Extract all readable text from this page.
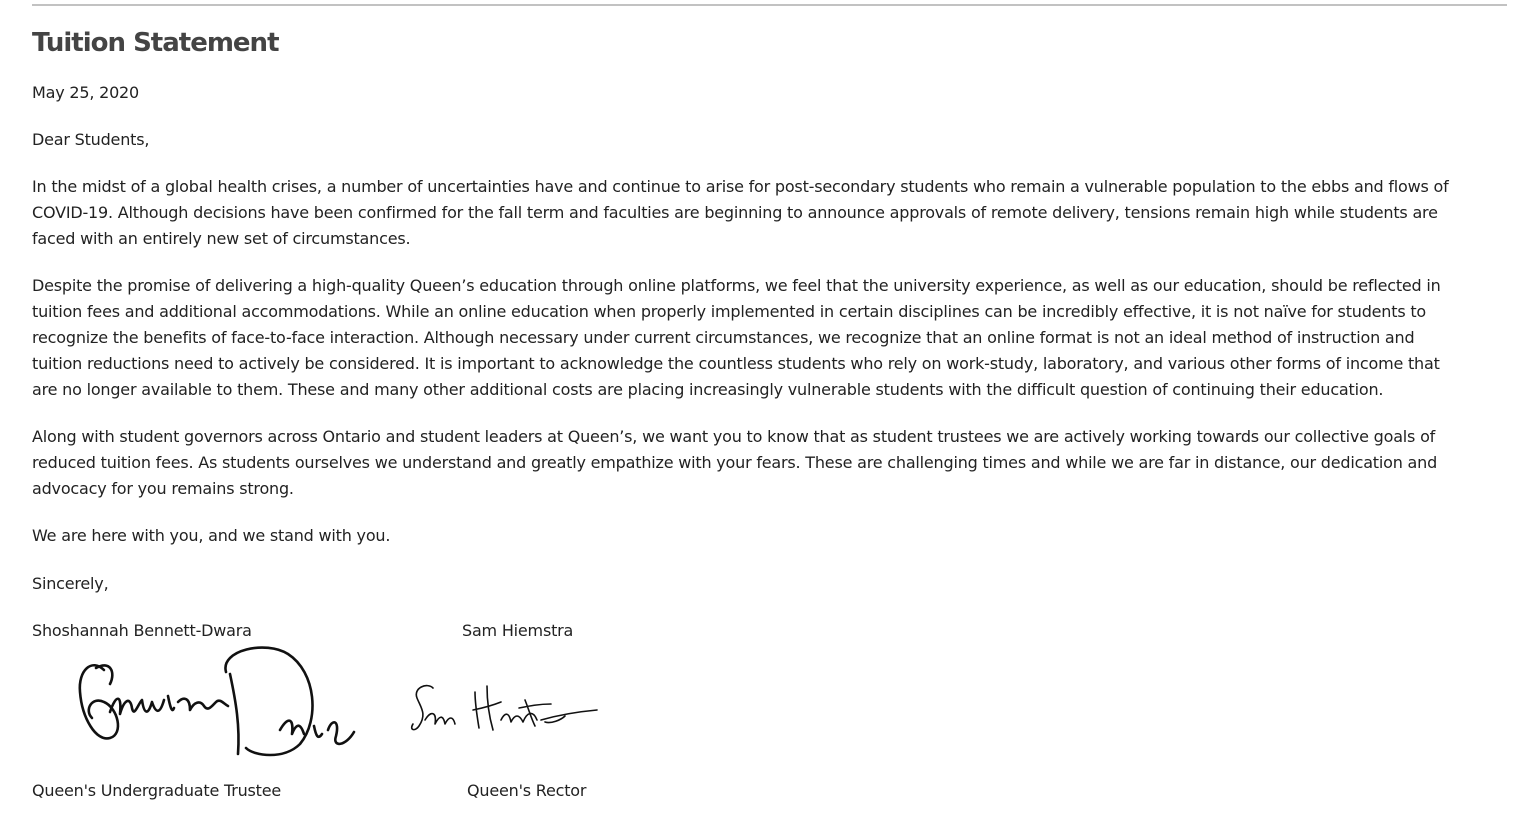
Tuition Statement

May 25, 2020

Dear Students,

In the midst of a global health crises, a number of uncertainties have and continue to arise for post-secondary students who remain a vulnerable population to the ebbs and flows of
COVID-19. Although decisions have been confirmed for the fall term and faculties are beginning to announce approvals of remote delivery, tensions remain high while students are
faced with an entirely new set of circumstances.

Despite the promise of delivering a high-quality Queen’s education through online platforms, we feel that the university experience, as well as our education, should be reflected in
tuition fees and additional accommodations. While an online education when properly implemented in certain disciplines can be incredibly effective, it is not naïve for students to
recognize the benefits of face-to-face interaction. Although necessary under current circumstances, we recognize that an online format is not an ideal method of instruction and
tuition reductions need to actively be considered. It is important to acknowledge the countless students who rely on work-study, laboratory, and various other forms of income that
are no longer available to them. These and many other additional costs are placing increasingly vulnerable students with the difficult question of continuing their education.

Along with student governors across Ontario and student leaders at Queen’s, we want you to know that as student trustees we are actively working towards our collective goals of
reduced tuition fees. As students ourselves we understand and greatly empathize with your fears. These are challenging times and while we are far in distance, our dedication and
advocacy for you remains strong.

We are here with you, and we stand with you.

Sincerely,

Shoshannah Bennett-Dwara
Queen's Undergraduate Trustee
Sam Hiemstra
Queen's Rector
